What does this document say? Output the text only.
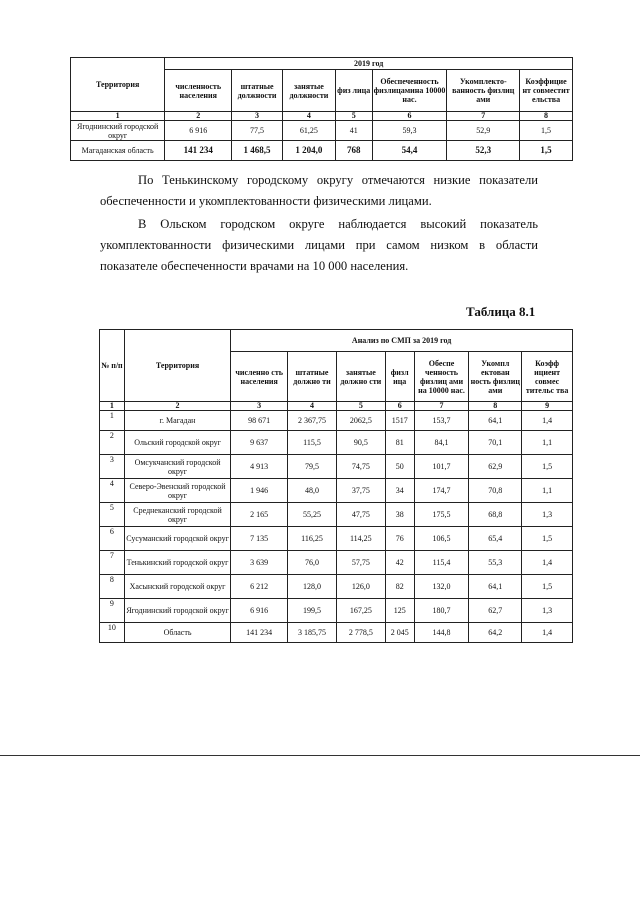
Территория	2019 год						
	численность населения	штатные должности	занятые должности	физ лица	Обеспеченность физлицамина 10000 нас.	Укомплекто-ванность физлиц ами	Коэффицие нт совместит ельства
1	2	3	4	5	6	7	8
Ягоднинский городской округ	6 916	77,5	61,25	41	59,3	52,9	1,5
Магаданская область	141 234	1 468,5	1 204,0	768	54,4	52,3	1,5

По Тенькинскому городскому округу отмечаются низкие показатели обеспеченности и укомплектованности физическими лицами.

В Ольском городском округе наблюдается высокий показатель укомплектованности физическими лицами при самом низком в области показателе обеспеченности врачами на 10 000 населения.

Таблица 8.1
№ п/п	Территория	Анализ по СМП за 2019 год						
		численно сть населения	штатные должно ти	занятые должно сти	физл ица	Обеспе ченность физлиц ами на 10000 нас.	Укомпл ектован ность физлиц ами	Коэфф ициент совмес тительс тва
1	2	3	4	5	6	7	8	9
1	г. Магадан	98 671	2 367,75	2062,5	1517	153,7	64,1	1,4
2	Ольский городской округ	9 637	115,5	90,5	81	84,1	70,1	1,1
3	Омсукчанский городской округ	4 913	79,5	74,75	50	101,7	62,9	1,5
4	Северо-Эвенский городской округ	1 946	48,0	37,75	34	174,7	70,8	1,1
5	Среднеканский городской округ	2 165	55,25	47,75	38	175,5	68,8	1,3
6	Сусуманский городской округ	7 135	116,25	114,25	76	106,5	65,4	1,5
7	Тенькинский городской округ	3 639	76,0	57,75	42	115,4	55,3	1,4
8	Хасынский городской округ	6 212	128,0	126,0	82	132,0	64,1	1,5
9	Ягоднинский городской округ	6 916	199,5	167,25	125	180,7	62,7	1,3
10	Область	141 234	3 185,75	2 778,5	2 045	144,8	64,2	1,4
